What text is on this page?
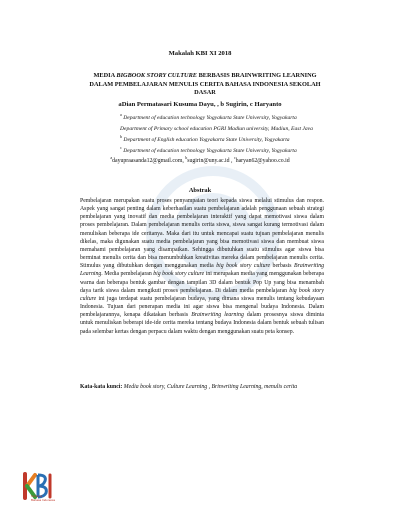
Makalah KBI XI 2018
MEDIA BIGBOOK STORY CULTURE BERBASIS BRAINWRITING LEARNING
DALAM PEMBELAJARAN MENULIS CERITA BAHASA INDONESIA SEKOLAH
DASAR
aDian Permatasari Kusuma Dayu, , b Sugirin, c Haryanto
$^a$ Department of education technology Yogyakarta State University, Yogyakarta
Department of Primary school education PGRI Madiun university, Madiun, East Java
$^b$ Department of English education Yogyakarta State University, Yogyakarta
$^c$ Department of education technology Yogyakarta State University, Yogyakarta
$^a$dayupraasanda12@gmail.com, $^b$sugirin@uny.ac.id , $^c$haryan62@yahoo.co.id
Abstrak
Pembelajaran merupakan suatu proses penyampaian teori kepada siswa melalui stimulus dan respon. Aspek yang sangat penting dalam keberhasilan suatu pembelajaran adalah penggunaan sebuah strategi pembelajaran yang inovatif dan media pembelajaran interaktif yang dapat memotivasi siswa dalam proses pembelajaran. Dalam pembelajaran menulis cerita siswa, siswa sangat kurang termotivasi dalam menuliskan beberapa ide ceritanya. Maka dari itu untuk mencapai suatu tujuan pembelajaran menulis dikelas, maka digunakan suatu media pembelajaran yang bisa memotivasi siswa dan membuat siswa memahami pembelajaran yang disampaikan. Sehingga dibutuhkan suatu stimulus agar siswa bisa berminat menulis cerita dan bisa menumbuhkan kreativitas mereka dalam pembelajaran menulis cerita. Stimulus yang dibutuhkan dengan menggunakan media big book story culture berbasis Brainwriting Learning. Media pembelajaran big book story culture ini merupakan media yang menggunakan beberapa warna dan beberapa bentuk gambar dengan tampilan 3D dalam bentuk Pop Up yang bisa menambah daya tarik siswa dalam mengikuti proses pembelajaran. Di dalam media pembelajaran big book story culture ini juga terdapat suatu pembelajaran budaya, yang dimana siswa menulis tentang kebudayaan Indonesia. Tujuan dari penerapan media ini agar siswa bisa mengenal budaya Indonesia. Dalam pembelajarannya, kenapa dikatakan berbasis Brainwriting learning dalam prosesnya siswa diminta untuk menuliskan beberapi ide-ide cerita mereka tentang budaya Indonesia dalam bentuk sebuah tulisan pada selembar kertas dengan perpacu dalam waktu dengan menggunakan suatu peta konsep.
Kata-kata kunci: Media book story, Culture Learning , Brinwriting Learning, menulis cerita
Kongres
Bahasa Indonesia
